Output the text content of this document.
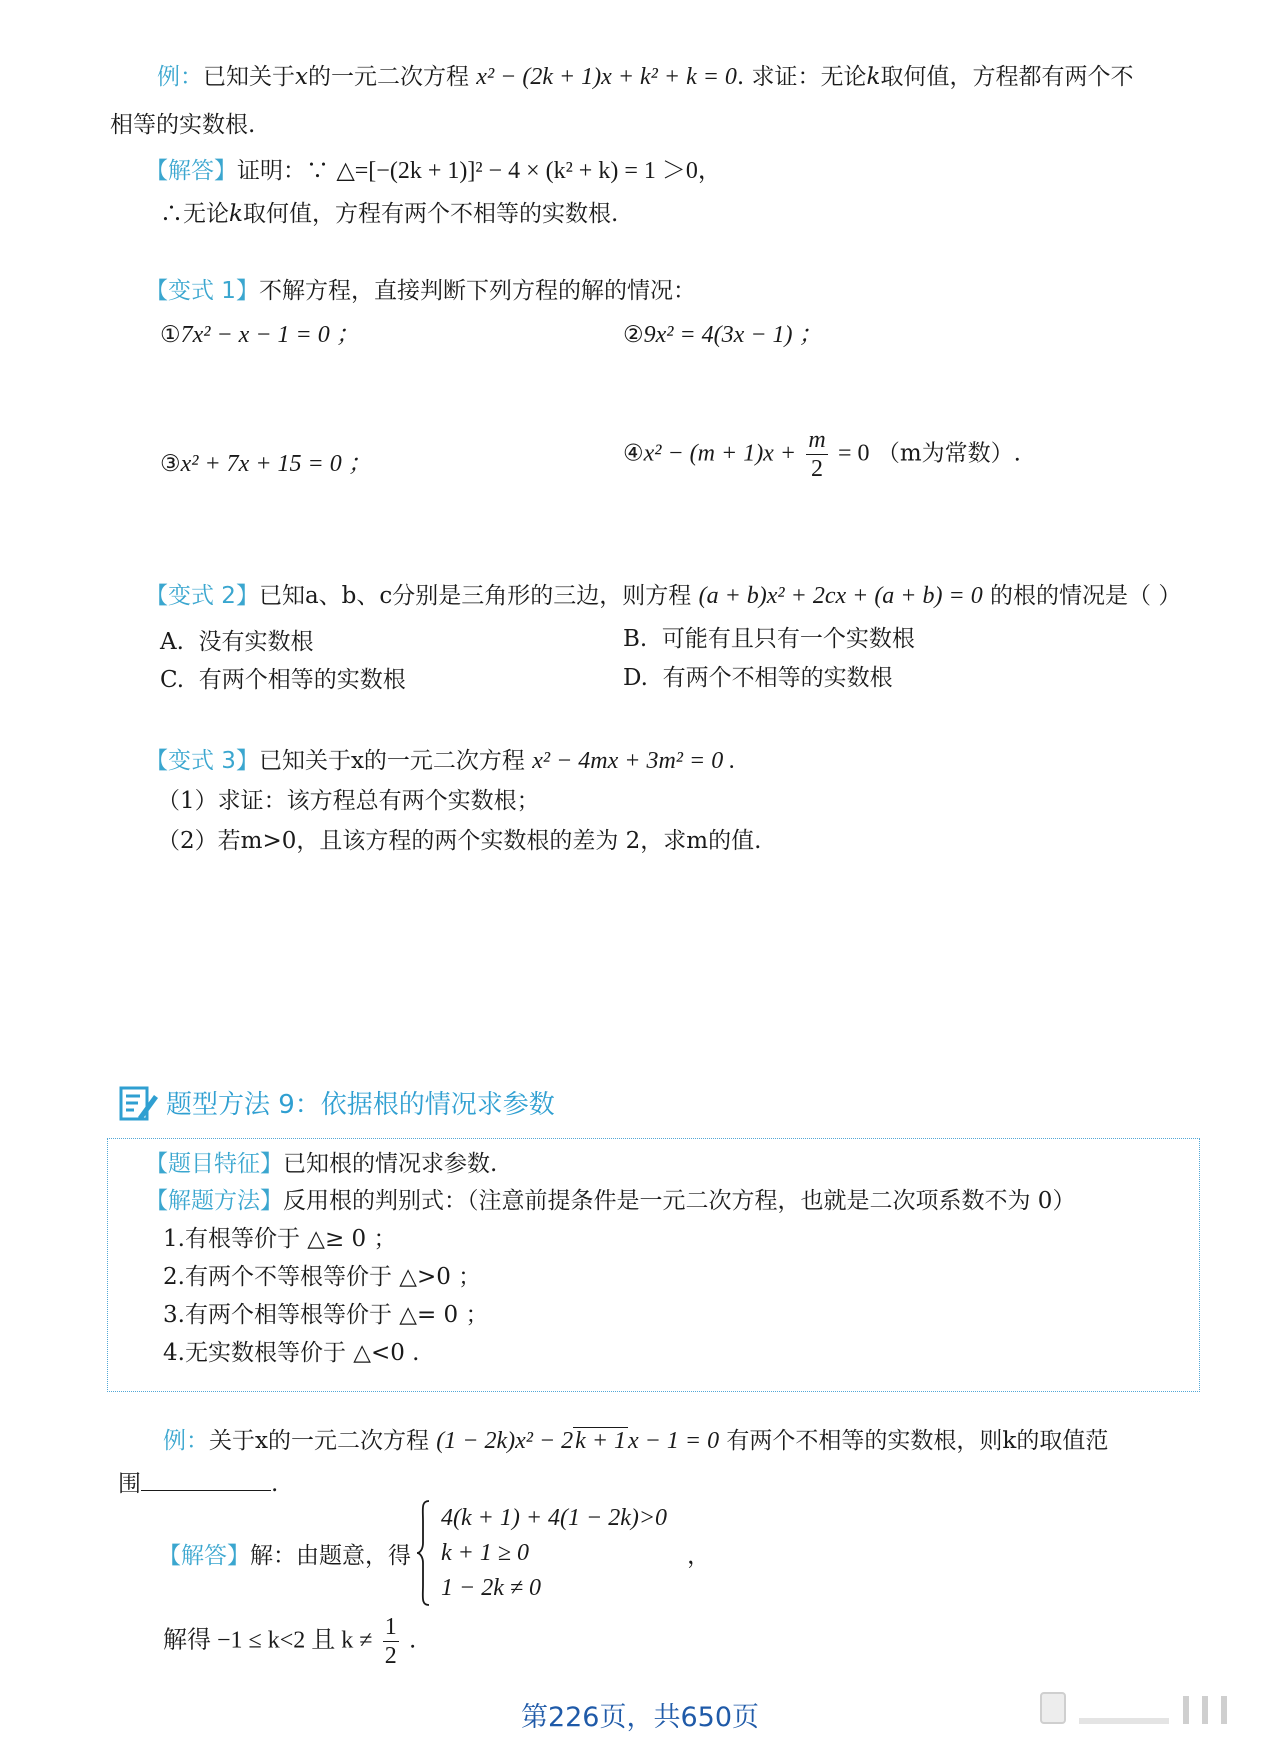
例：已知关于x的一元二次方程 x² − (2k + 1)x + k² + k = 0. 求证：无论k取何值，方程都有两个不
相等的实数根.
【解答】证明：∵ △=[−(2k + 1)]² − 4 × (k² + k) = 1 ＞0，
∴无论k取何值，方程有两个不相等的实数根.
【变式 1】不解方程，直接判断下列方程的解的情况：
①7x² − x − 1 = 0 ；	②9x² = 4(3x − 1) ；
③x² + 7x + 15 = 0 ；	④x² − $(m + 1)x + \frac{m}{2} = 0$ （m为常数）.
【变式 2】已知a、b、c分别是三角形的三边，则方程 (a + b)x² + 2cx + (a + b) = 0 的根的情况是（ ）
A. 没有实数根	B. 可能有且只有一个实数根
C. 有两个相等的实数根	D. 有两个不相等的实数根
【变式 3】已知关于x的一元二次方程 x² − 4mx + 3m² = 0 .
（1）求证：该方程总有两个实数根；
（2）若m>0，且该方程的两个实数根的差为 2，求m的值.
题型方法 9：依据根的情况求参数
【题目特征】已知根的情况求参数.
【解题方法】反用根的判别式：（注意前提条件是一元二次方程，也就是二次项系数不为 0）
1.有根等价于 △≥ 0 ；
2.有两个不等根等价于 △>0 ；
3.有两个相等根等价于 △= 0 ；
4.无实数根等价于 △<0 .
例：关于x的一元二次方程 (1 − 2k)x² − 2k + 1x − 1 = 0 有两个不相等的实数根，则k的取值范
围	.
【解答】 解：由题意，得
4(k + 1) + 4(1 − 2k)>0
k + 1 ≥ 0
1 − 2k ≠ 0
，
解得 −1 ≤ k<2 且 $k \ne \frac{1}{2}$ .
第226页，共650页
